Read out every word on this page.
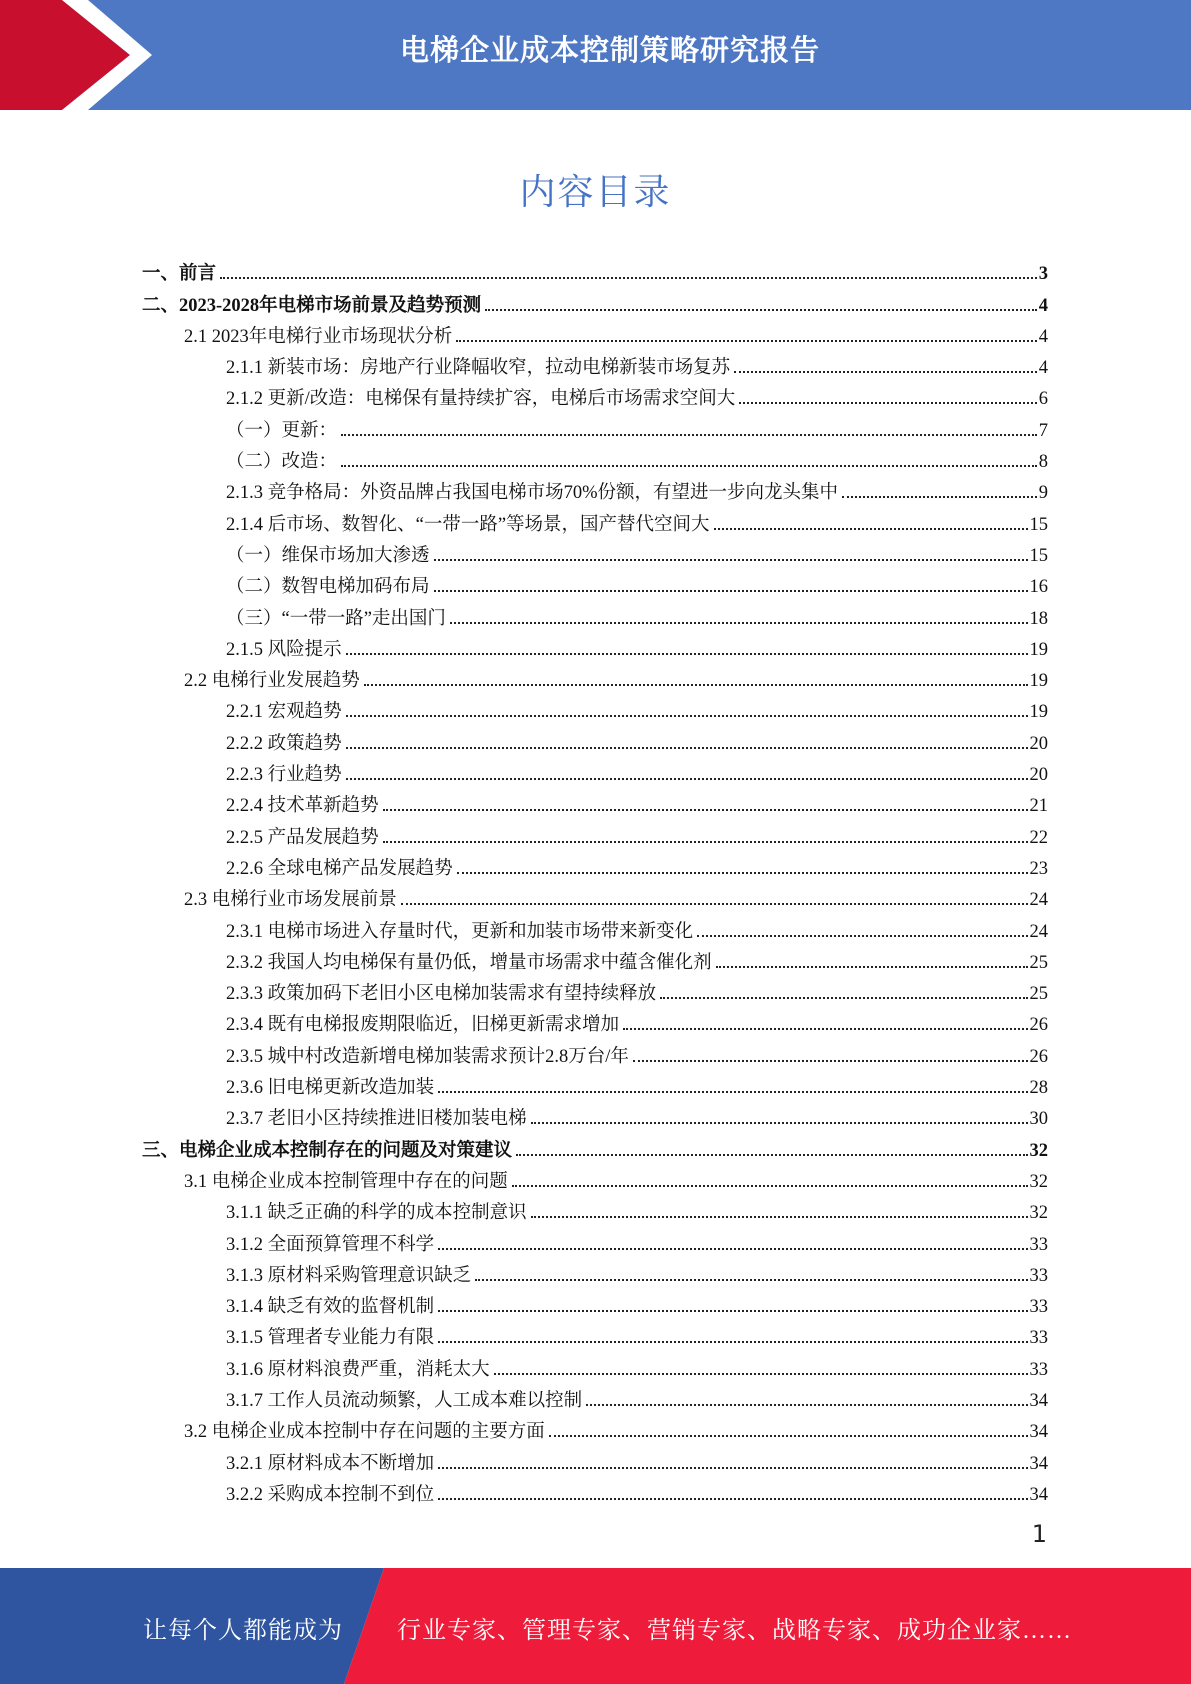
电梯企业成本控制策略研究报告
内容目录
一、前言	3
二、2023-2028年电梯市场前景及趋势预测	4
2.1 2023年电梯行业市场现状分析	4
2.1.1 新装市场：房地产行业降幅收窄，拉动电梯新装市场复苏	4
2.1.2 更新/改造：电梯保有量持续扩容，电梯后市场需求空间大	6
（一）更新：	7
（二）改造：	8
2.1.3 竞争格局：外资品牌占我国电梯市场70%份额，有望进一步向龙头集中	9
2.1.4 后市场、数智化、“一带一路”等场景，国产替代空间大	15
（一）维保市场加大渗透	15
（二）数智电梯加码布局	16
（三）“一带一路”走出国门	18
2.1.5 风险提示	19
2.2 电梯行业发展趋势	19
2.2.1 宏观趋势	19
2.2.2 政策趋势	20
2.2.3 行业趋势	20
2.2.4 技术革新趋势	21
2.2.5 产品发展趋势	22
2.2.6 全球电梯产品发展趋势	23
2.3 电梯行业市场发展前景	24
2.3.1 电梯市场进入存量时代，更新和加装市场带来新变化	24
2.3.2 我国人均电梯保有量仍低，增量市场需求中蕴含催化剂	25
2.3.3 政策加码下老旧小区电梯加装需求有望持续释放	25
2.3.4 既有电梯报废期限临近，旧梯更新需求增加	26
2.3.5 城中村改造新增电梯加装需求预计2.8万台/年	26
2.3.6 旧电梯更新改造加装	28
2.3.7 老旧小区持续推进旧楼加装电梯	30
三、电梯企业成本控制存在的问题及对策建议	32
3.1 电梯企业成本控制管理中存在的问题	32
3.1.1 缺乏正确的科学的成本控制意识	32
3.1.2 全面预算管理不科学	33
3.1.3 原材料采购管理意识缺乏	33
3.1.4 缺乏有效的监督机制	33
3.1.5 管理者专业能力有限	33
3.1.6 原材料浪费严重，消耗太大	33
3.1.7 工作人员流动频繁，人工成本难以控制	34
3.2 电梯企业成本控制中存在问题的主要方面	34
3.2.1 原材料成本不断增加	34
3.2.2 采购成本控制不到位	34
1
让每个人都能成为 行业专家、管理专家、营销专家、战略专家、成功企业家……
